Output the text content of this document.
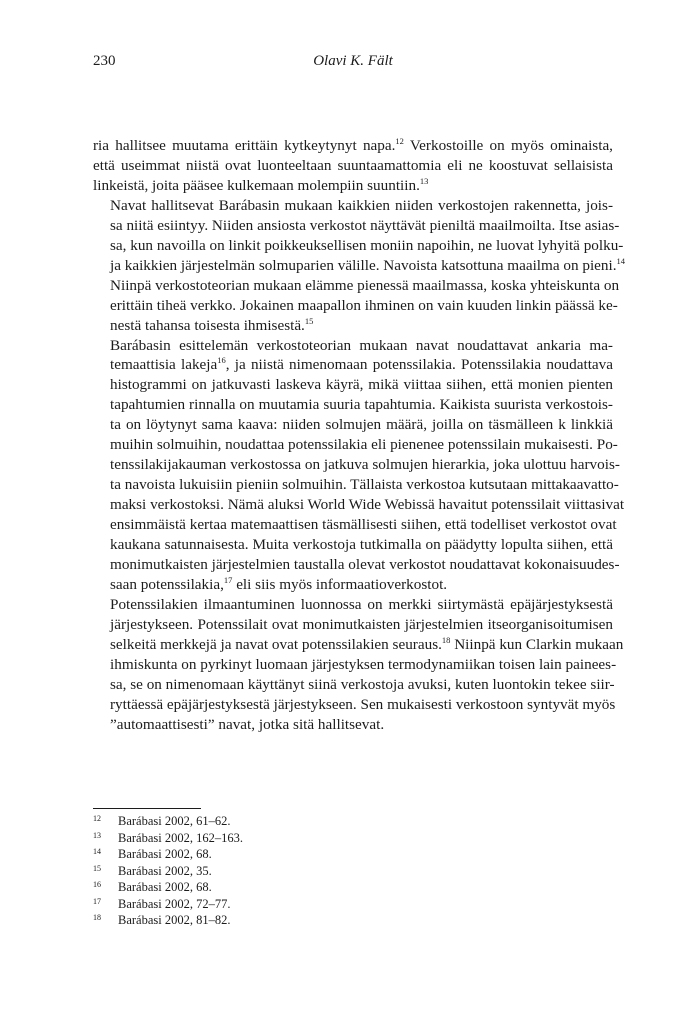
230	Olavi K. Fält

ria hallitsee muutama erittäin kytkeytynyt napa.$^{12}$ Verkostoille on myös ominaista,
että useimmat niistä ovat luonteeltaan suuntaamattomia eli ne koostuvat sellaisista
linkeistä, joita pääsee kulkemaan molempiin suuntiin.$^{13}$

Navat hallitsevat Barábasin mukaan kaikkien niiden verkostojen rakennetta, jois-
sa niitä esiintyy. Niiden ansiosta verkostot näyttävät pieniltä maailmoilta. Itse asias-
sa, kun navoilla on linkit poikkeuksellisen moniin napoihin, ne luovat lyhyitä polku-
ja kaikkien järjestelmän solmuparien välille. Navoista katsottuna maailma on pieni.$^{14}$
Niinpä verkostoteorian mukaan elämme pienessä maailmassa, koska yhteiskunta on
erittäin tiheä verkko. Jokainen maapallon ihminen on vain kuuden linkin päässä ke-
nestä tahansa toisesta ihmisestä.$^{15}$

Barábasin esittelemän verkostoteorian mukaan navat noudattavat ankaria ma-
temaattisia lakeja$^{16}$, ja niistä nimenomaan potenssilakia. Potenssilakia noudattava
histogrammi on jatkuvasti laskeva käyrä, mikä viittaa siihen, että monien pienten
tapahtumien rinnalla on muutamia suuria tapahtumia. Kaikista suurista verkostois-
ta on löytynyt sama kaava: niiden solmujen määrä, joilla on täsmälleen k linkkiä
muihin solmuihin, noudattaa potenssilakia eli pienenee potenssilain mukaisesti. Po-
tenssilakijakauman verkostossa on jatkuva solmujen hierarkia, joka ulottuu harvois-
ta navoista lukuisiin pieniin solmuihin. Tällaista verkostoa kutsutaan mittakaavatto-
maksi verkostoksi. Nämä aluksi World Wide Webissä havaitut potenssilait viittasivat
ensimmäistä kertaa matemaattisen täsmällisesti siihen, että todelliset verkostot ovat
kaukana satunnaisesta. Muita verkostoja tutkimalla on päädytty lopulta siihen, että
monimutkaisten järjestelmien taustalla olevat verkostot noudattavat kokonaisuudes-
saan potenssilakia,$^{17}$ eli siis myös informaatioverkostot.

Potenssilakien ilmaantuminen luonnossa on merkki siirtymästä epäjärjestyksestä
järjestykseen. Potenssilait ovat monimutkaisten järjestelmien itseorganisoitumisen
selkeitä merkkejä ja navat ovat potenssilakien seuraus.$^{18}$ Niinpä kun Clarkin mukaan
ihmiskunta on pyrkinyt luomaan järjestyksen termodynamiikan toisen lain painees-
sa, se on nimenomaan käyttänyt siinä verkostoja avuksi, kuten luontokin tekee siir-
ryttäessä epäjärjestyksestä järjestykseen. Sen mukaisesti verkostoon syntyvät myös
”automaattisesti” navat, jotka sitä hallitsevat.

12 Barábasi 2002, 61–62.
13 Barábasi 2002, 162–163.
14 Barábasi 2002, 68.
15 Barábasi 2002, 35.
16 Barábasi 2002, 68.
17 Barábasi 2002, 72–77.
18 Barábasi 2002, 81–82.
